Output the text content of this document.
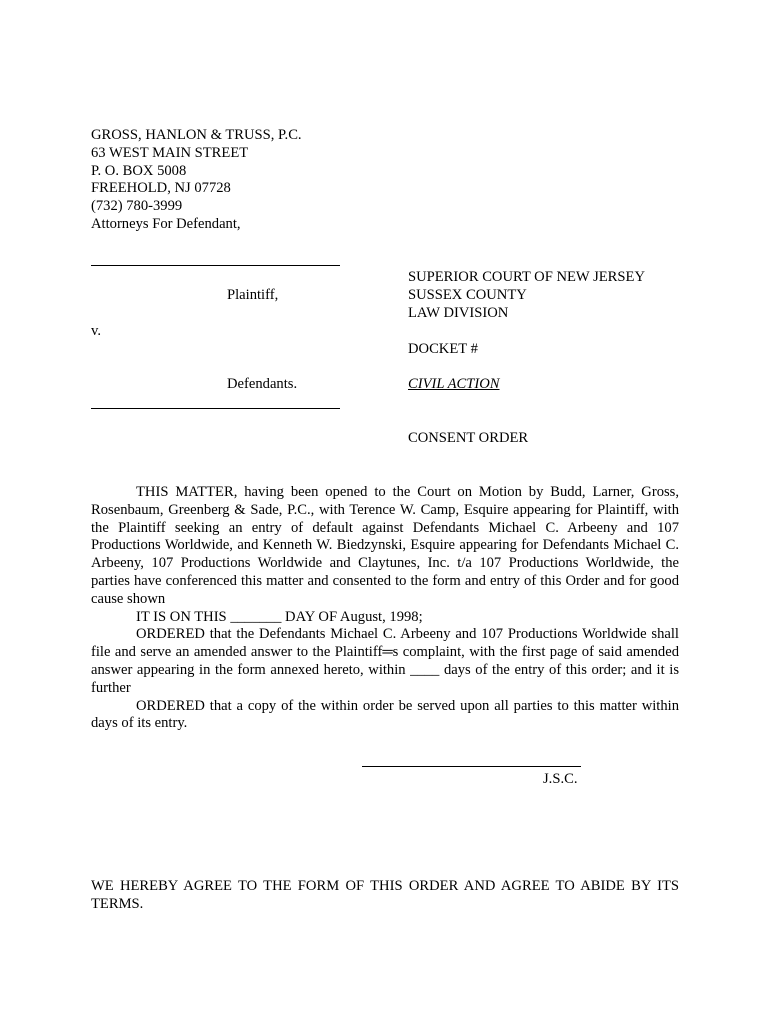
GROSS, HANLON & TRUSS, P.C.
63 WEST MAIN STREET
P. O. BOX 5008
FREEHOLD, NJ 07728
(732) 780-3999
Attorneys For Defendant,
Plaintiff,
v.
Defendants.
SUPERIOR COURT OF NEW JERSEY
SUSSEX COUNTY
LAW DIVISION
DOCKET #
CIVIL ACTION
CONSENT ORDER

THIS MATTER, having been opened to the Court on Motion by Budd, Larner, Gross, Rosenbaum, Greenberg & Sade, P.C., with Terence W. Camp, Esquire appearing for Plaintiff, with the Plaintiff seeking an entry of default against Defendants Michael C. Arbeeny and 107 Productions Worldwide, and Kenneth W. Biedzynski, Esquire appearing for Defendants Michael C. Arbeeny, 107 Productions Worldwide and Claytunes, Inc. t/a 107 Productions Worldwide, the parties have conferenced this matter and consented to the form and entry of this Order and for good cause shown

IT IS ON THIS _______ DAY OF August, 1998;

ORDERED that the Defendants Michael C. Arbeeny and 107 Productions Worldwide shall file and serve an amended answer to the Plaintiff═s complaint, with the first page of said amended answer appearing in the form annexed hereto, within ____ days of the entry of this order; and it is further

ORDERED that a copy of the within order be served upon all parties to this matter within days of its entry.

J.S.C.
WE HEREBY AGREE TO THE FORM OF THIS ORDER AND AGREE TO ABIDE BY ITS TERMS.
